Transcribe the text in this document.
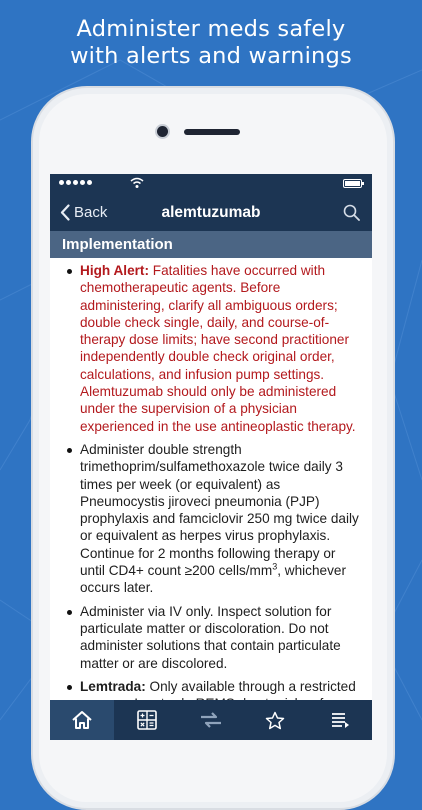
Administer meds safely
with alerts and warnings
Back	alemtuzumab
Implementation
High Alert: Fatalities have occurred with chemotherapeutic agents. Before administering, clarify all ambiguous orders; double check single, daily, and course-of-therapy dose limits; have second practitioner independently double check original order, calculations, and infusion pump settings. Alemtuzumab should only be administered under the supervision of a physician experienced in the use antineoplastic therapy.
Administer double strength trimethoprim/sulfamethoxazole twice daily 3 times per week (or equivalent) as Pneumocystis jiroveci pneumonia (PJP) prophylaxis and famciclovir 250 mg twice daily or equivalent as herpes virus prophylaxis. Continue for 2 months following therapy or until CD4+ count ≥200 cells/$mm^3$, whichever occurs later.
Administer via IV only. Inspect solution for particulate matter or discoloration. Do not administer solutions that contain particulate matter or are discolored.
Lemtrada: Only available through a restricted
